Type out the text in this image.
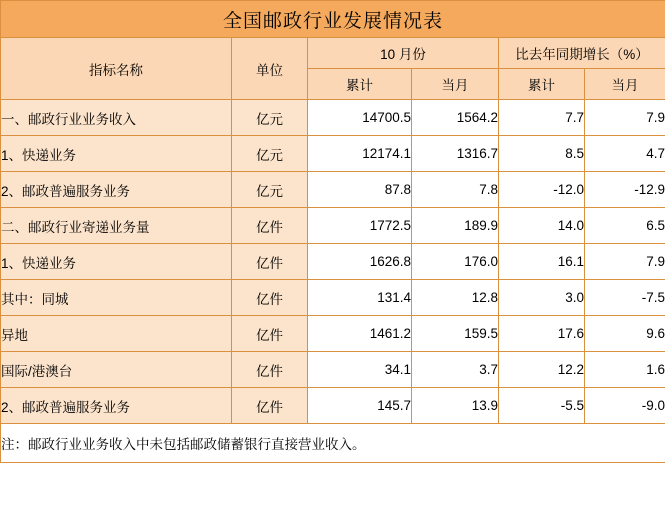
全国邮政行业发展情况表					
指标名称	单位	10 月份		比去年同期增长（%）	
		累计	当月	累计	当月
一、邮政行业业务收入	亿元	14700.5	1564.2	7.7	7.9
1、快递业务	亿元	12174.1	1316.7	8.5	4.7
2、邮政普遍服务业务	亿元	87.8	7.8	-12.0	-12.9
二、邮政行业寄递业务量	亿件	1772.5	189.9	14.0	6.5
1、快递业务	亿件	1626.8	176.0	16.1	7.9
其中：同城	亿件	131.4	12.8	3.0	-7.5
异地	亿件	1461.2	159.5	17.6	9.6
国际/港澳台	亿件	34.1	3.7	12.2	1.6
2、邮政普遍服务业务	亿件	145.7	13.9	-5.5	-9.0
注：邮政行业业务收入中未包括邮政储蓄银行直接营业收入。					
